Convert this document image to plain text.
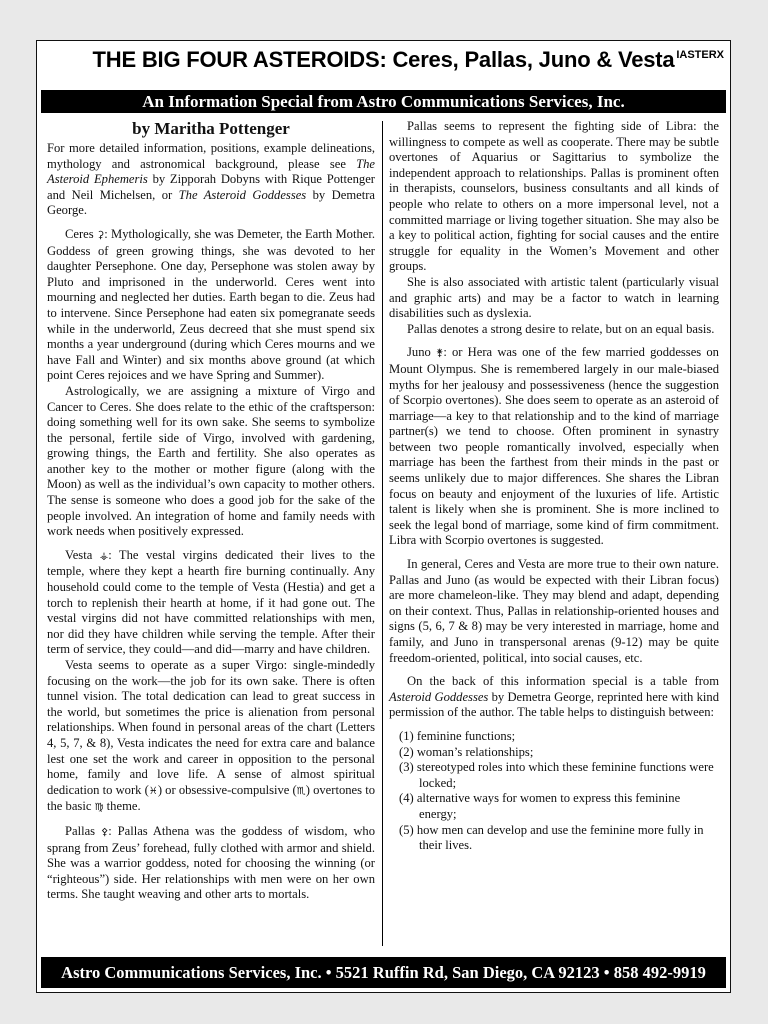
THE BIG FOUR ASTEROIDS: Ceres, Pallas, Juno & Vesta IASTERX
An Information Special from Astro Communications Services, Inc.
by Maritha Pottenger

For more detailed information, positions, example delineations, mythology and astronomical background, please see The Asteroid Ephemeris by Zipporah Dobyns with Rique Pottenger and Neil Michelsen, or The Asteroid Goddesses by Demetra George.

Ceres ⚳: Mythologically, she was Demeter, the Earth Mother. Goddess of green growing things, she was devoted to her daughter Persephone. One day, Persephone was stolen away by Pluto and imprisoned in the underworld. Ceres went into mourning and neglected her duties. Earth began to die. Zeus had to intervene. Since Persephone had eaten six pomegranate seeds while in the underworld, Zeus decreed that she must spend six months a year underground (during which Ceres mourns and we have Fall and Winter) and six months above ground (at which point Ceres rejoices and we have Spring and Summer).

Astrologically, we are assigning a mixture of Virgo and Cancer to Ceres. She does relate to the ethic of the craftsperson: doing something well for its own sake. She seems to symbolize the personal, fertile side of Virgo, involved with gardening, growing things, the Earth and fertility. She also operates as another key to the mother or mother figure (along with the Moon) as well as the individual’s own capacity to mother others. The sense is someone who does a good job for the sake of the people involved. An integration of home and family needs with work needs when positively expressed.

Vesta ⚶: The vestal virgins dedicated their lives to the temple, where they kept a hearth fire burning continually. Any household could come to the temple of Vesta (Hestia) and get a torch to replenish their hearth at home, if it had gone out. The vestal virgins did not have committed relationships with men, nor did they have children while serving the temple. After their term of service, they could—and did—marry and have children.

Vesta seems to operate as a super Virgo: single-mindedly focusing on the work—the job for its own sake. There is often tunnel vision. The total dedication can lead to great success in the world, but sometimes the price is alienation from personal relationships. When found in personal areas of the chart (Letters 4, 5, 7, & 8), Vesta indicates the need for extra care and balance lest one set the work and career in opposition to the personal home, family and love life. A sense of almost spiritual dedication to work (♓) or obsessive-compulsive (♏) overtones to the basic ♍ theme.

Pallas ⚴: Pallas Athena was the goddess of wisdom, who sprang from Zeus’ forehead, fully clothed with armor and shield. She was a warrior goddess, noted for choosing the winning (or “righteous”) side. Her relationships with men were on her own terms. She taught weaving and other arts to mortals.

Pallas seems to represent the fighting side of Libra: the willingness to compete as well as cooperate. There may be subtle overtones of Aquarius or Sagittarius to symbolize the independent approach to relationships. Pallas is prominent often in therapists, counselors, business consultants and all kinds of people who relate to others on a more impersonal level, not a committed marriage or living together situation. She may also be a key to political action, fighting for social causes and the entire struggle for equality in the Women’s Movement and other groups.

She is also associated with artistic talent (particularly visual and graphic arts) and may be a factor to watch in learning disabilities such as dyslexia.

Pallas denotes a strong desire to relate, but on an equal basis.

Juno ⚵: or Hera was one of the few married goddesses on Mount Olympus. She is remembered largely in our male-biased myths for her jealousy and possessiveness (hence the suggestion of Scorpio overtones). She does seem to operate as an asteroid of marriage—a key to that relationship and to the kind of marriage partner(s) we tend to choose. Often prominent in synastry between two people romantically involved, especially when marriage has been the farthest from their minds in the past or seems unlikely due to major differences. She shares the Libran focus on beauty and enjoyment of the luxuries of life. Artistic talent is likely when she is prominent. She is more inclined to seek the legal bond of marriage, some kind of firm commitment. Libra with Scorpio overtones is suggested.

In general, Ceres and Vesta are more true to their own nature. Pallas and Juno (as would be expected with their Libran focus) are more chameleon-like. They may blend and adapt, depending on their context. Thus, Pallas in relationship-oriented houses and signs (5, 6, 7 & 8) may be very interested in marriage, home and family, and Juno in transpersonal arenas (9-12) may be quite freedom-oriented, political, into social causes, etc.

On the back of this information special is a table from Asteroid Goddesses by Demetra George, reprinted here with kind permission of the author. The table helps to distinguish between:

(1) feminine functions;
(2) woman’s relationships;
(3) stereotyped roles into which these feminine functions were locked;
(4) alternative ways for women to express this feminine energy;
(5) how men can develop and use the feminine more fully in their lives.
Astro Communications Services, Inc. • 5521 Ruffin Rd, San Diego, CA 92123 • 858 492-9919
